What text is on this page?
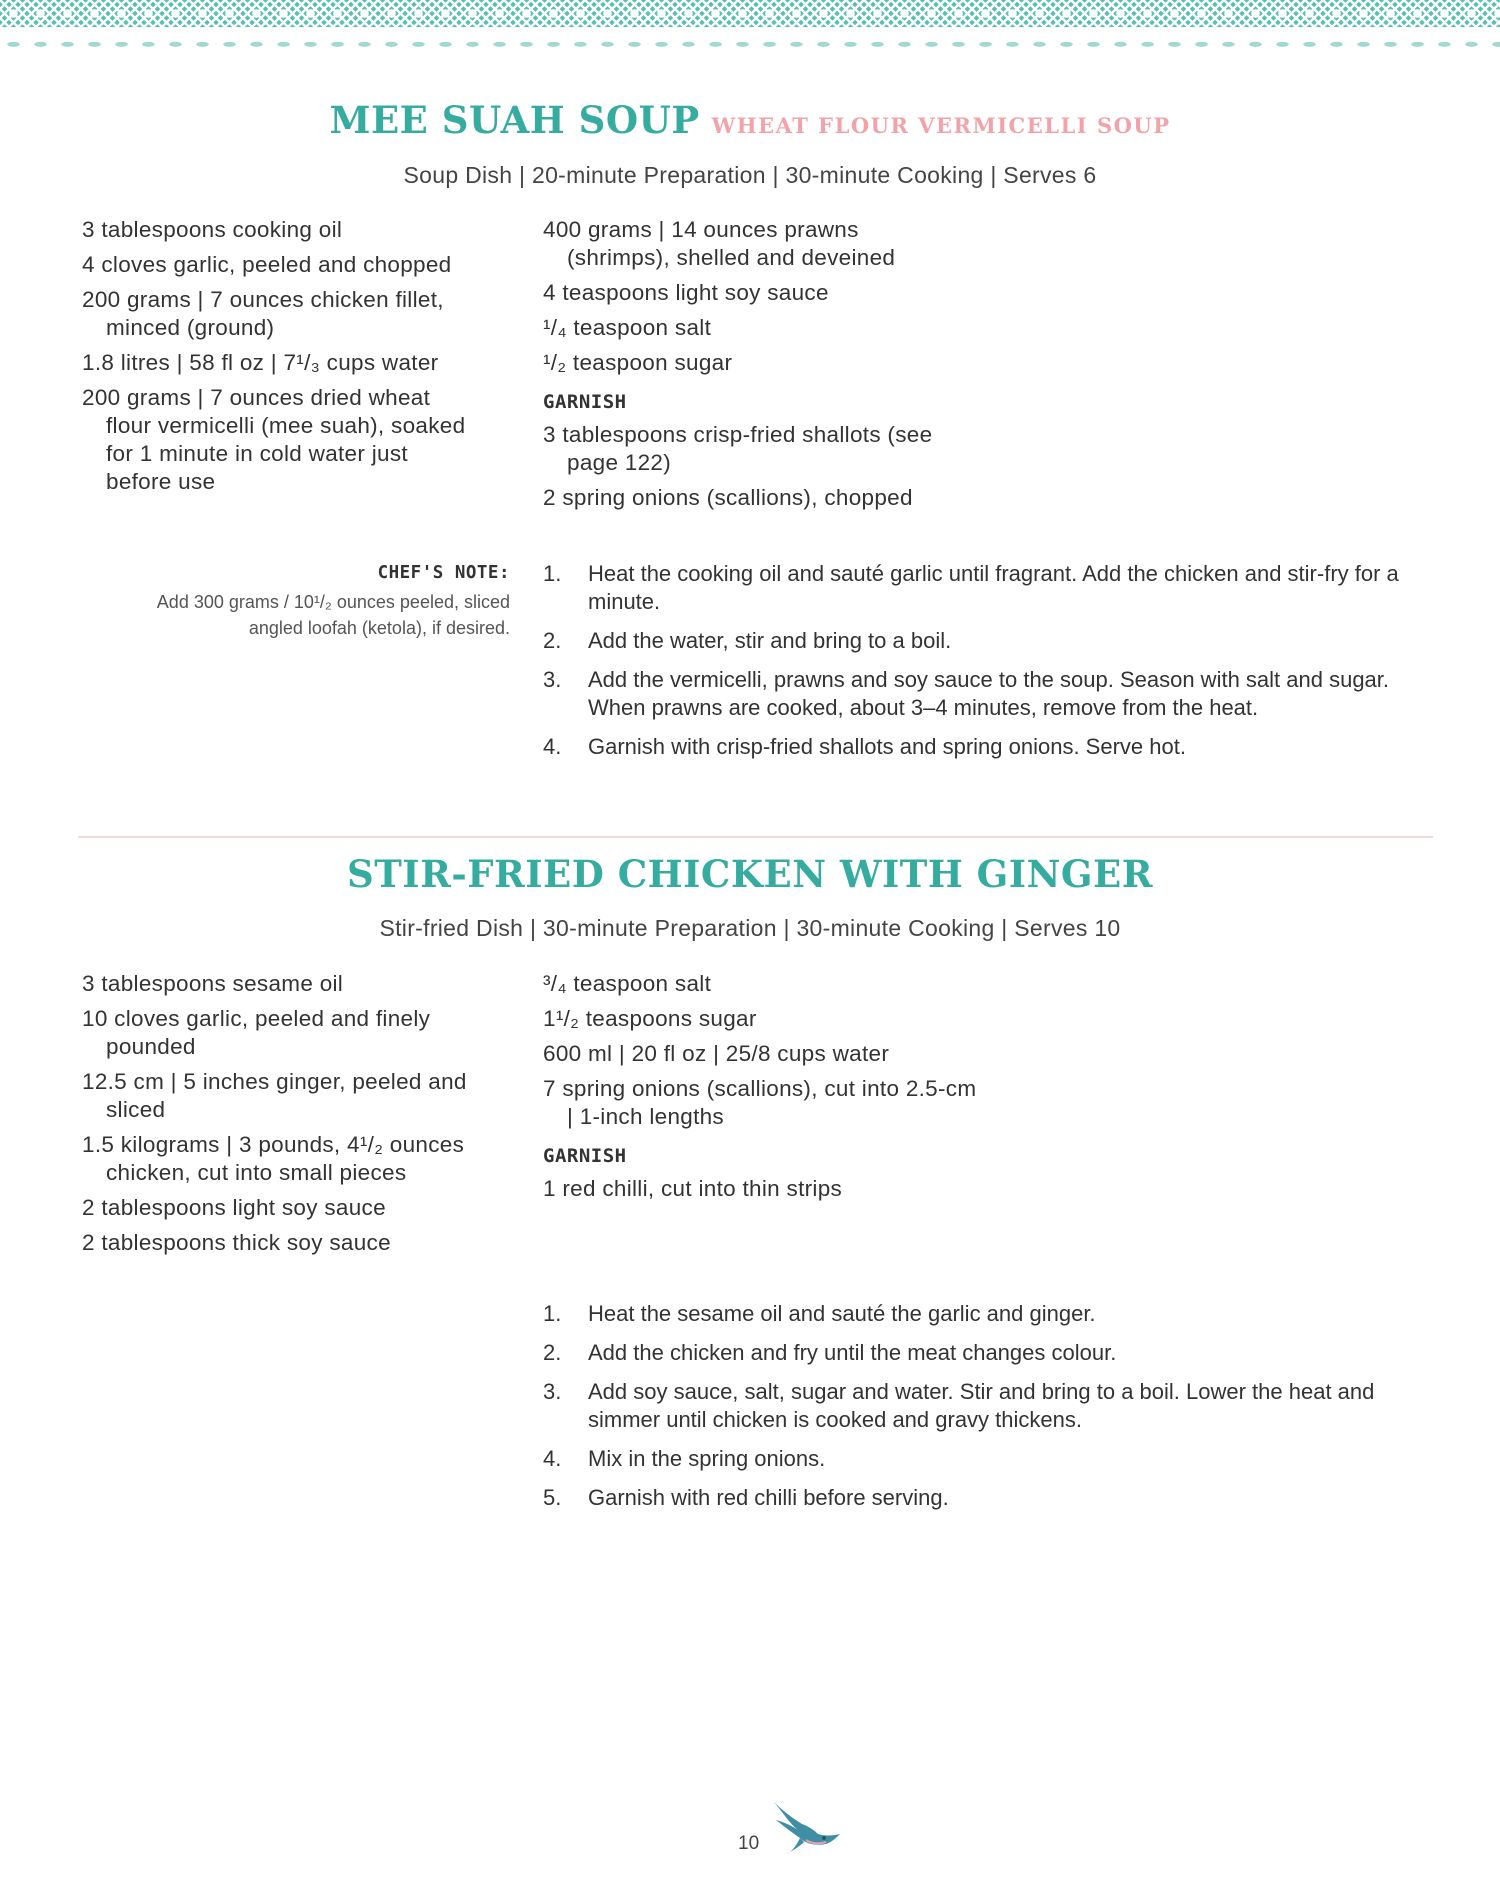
MEE SUAH SOUP WHEAT FLOUR VERMICELLI SOUP
Soup Dish | 20-minute Preparation | 30-minute Cooking | Serves 6

3 tablespoons cooking oil

4 cloves garlic, peeled and chopped

200 grams | 7 ounces chicken fillet, minced (ground)

1.8 litres | 58 fl oz | 7¹/₃ cups water

200 grams | 7 ounces dried wheat flour vermicelli (mee suah), soaked for 1 minute in cold water just before use

400 grams | 14 ounces prawns (shrimps), shelled and deveined

4 teaspoons light soy sauce

¹/₄ teaspoon salt

¹/₂ teaspoon sugar

GARNISH

3 tablespoons crisp-fried shallots (see page 122)

2 spring onions (scallions), chopped

CHEF'S NOTE:
Add 300 grams / 10¹/₂ ounces peeled, sliced angled loofah (ketola), if desired.
1.	Heat the cooking oil and sauté garlic until fragrant. Add the chicken and stir-fry for a minute.
2.	Add the water, stir and bring to a boil.
3.	Add the vermicelli, prawns and soy sauce to the soup. Season with salt and sugar. When prawns are cooked, about 3–4 minutes, remove from the heat.
4.	Garnish with crisp-fried shallots and spring onions. Serve hot.
STIR-FRIED CHICKEN WITH GINGER
Stir-fried Dish | 30-minute Preparation | 30-minute Cooking | Serves 10

3 tablespoons sesame oil

10 cloves garlic, peeled and finely pounded

12.5 cm | 5 inches ginger, peeled and sliced

1.5 kilograms | 3 pounds, 4¹/₂ ounces chicken, cut into small pieces

2 tablespoons light soy sauce

2 tablespoons thick soy sauce

³/₄ teaspoon salt

1¹/₂ teaspoons sugar

600 ml | 20 fl oz | 25/8 cups water

7 spring onions (scallions), cut into 2.5-cm | 1-inch lengths

GARNISH

1 red chilli, cut into thin strips

1.	Heat the sesame oil and sauté the garlic and ginger.
2.	Add the chicken and fry until the meat changes colour.
3.	Add soy sauce, salt, sugar and water. Stir and bring to a boil. Lower the heat and simmer until chicken is cooked and gravy thickens.
4.	Mix in the spring onions.
5.	Garnish with red chilli before serving.
10
